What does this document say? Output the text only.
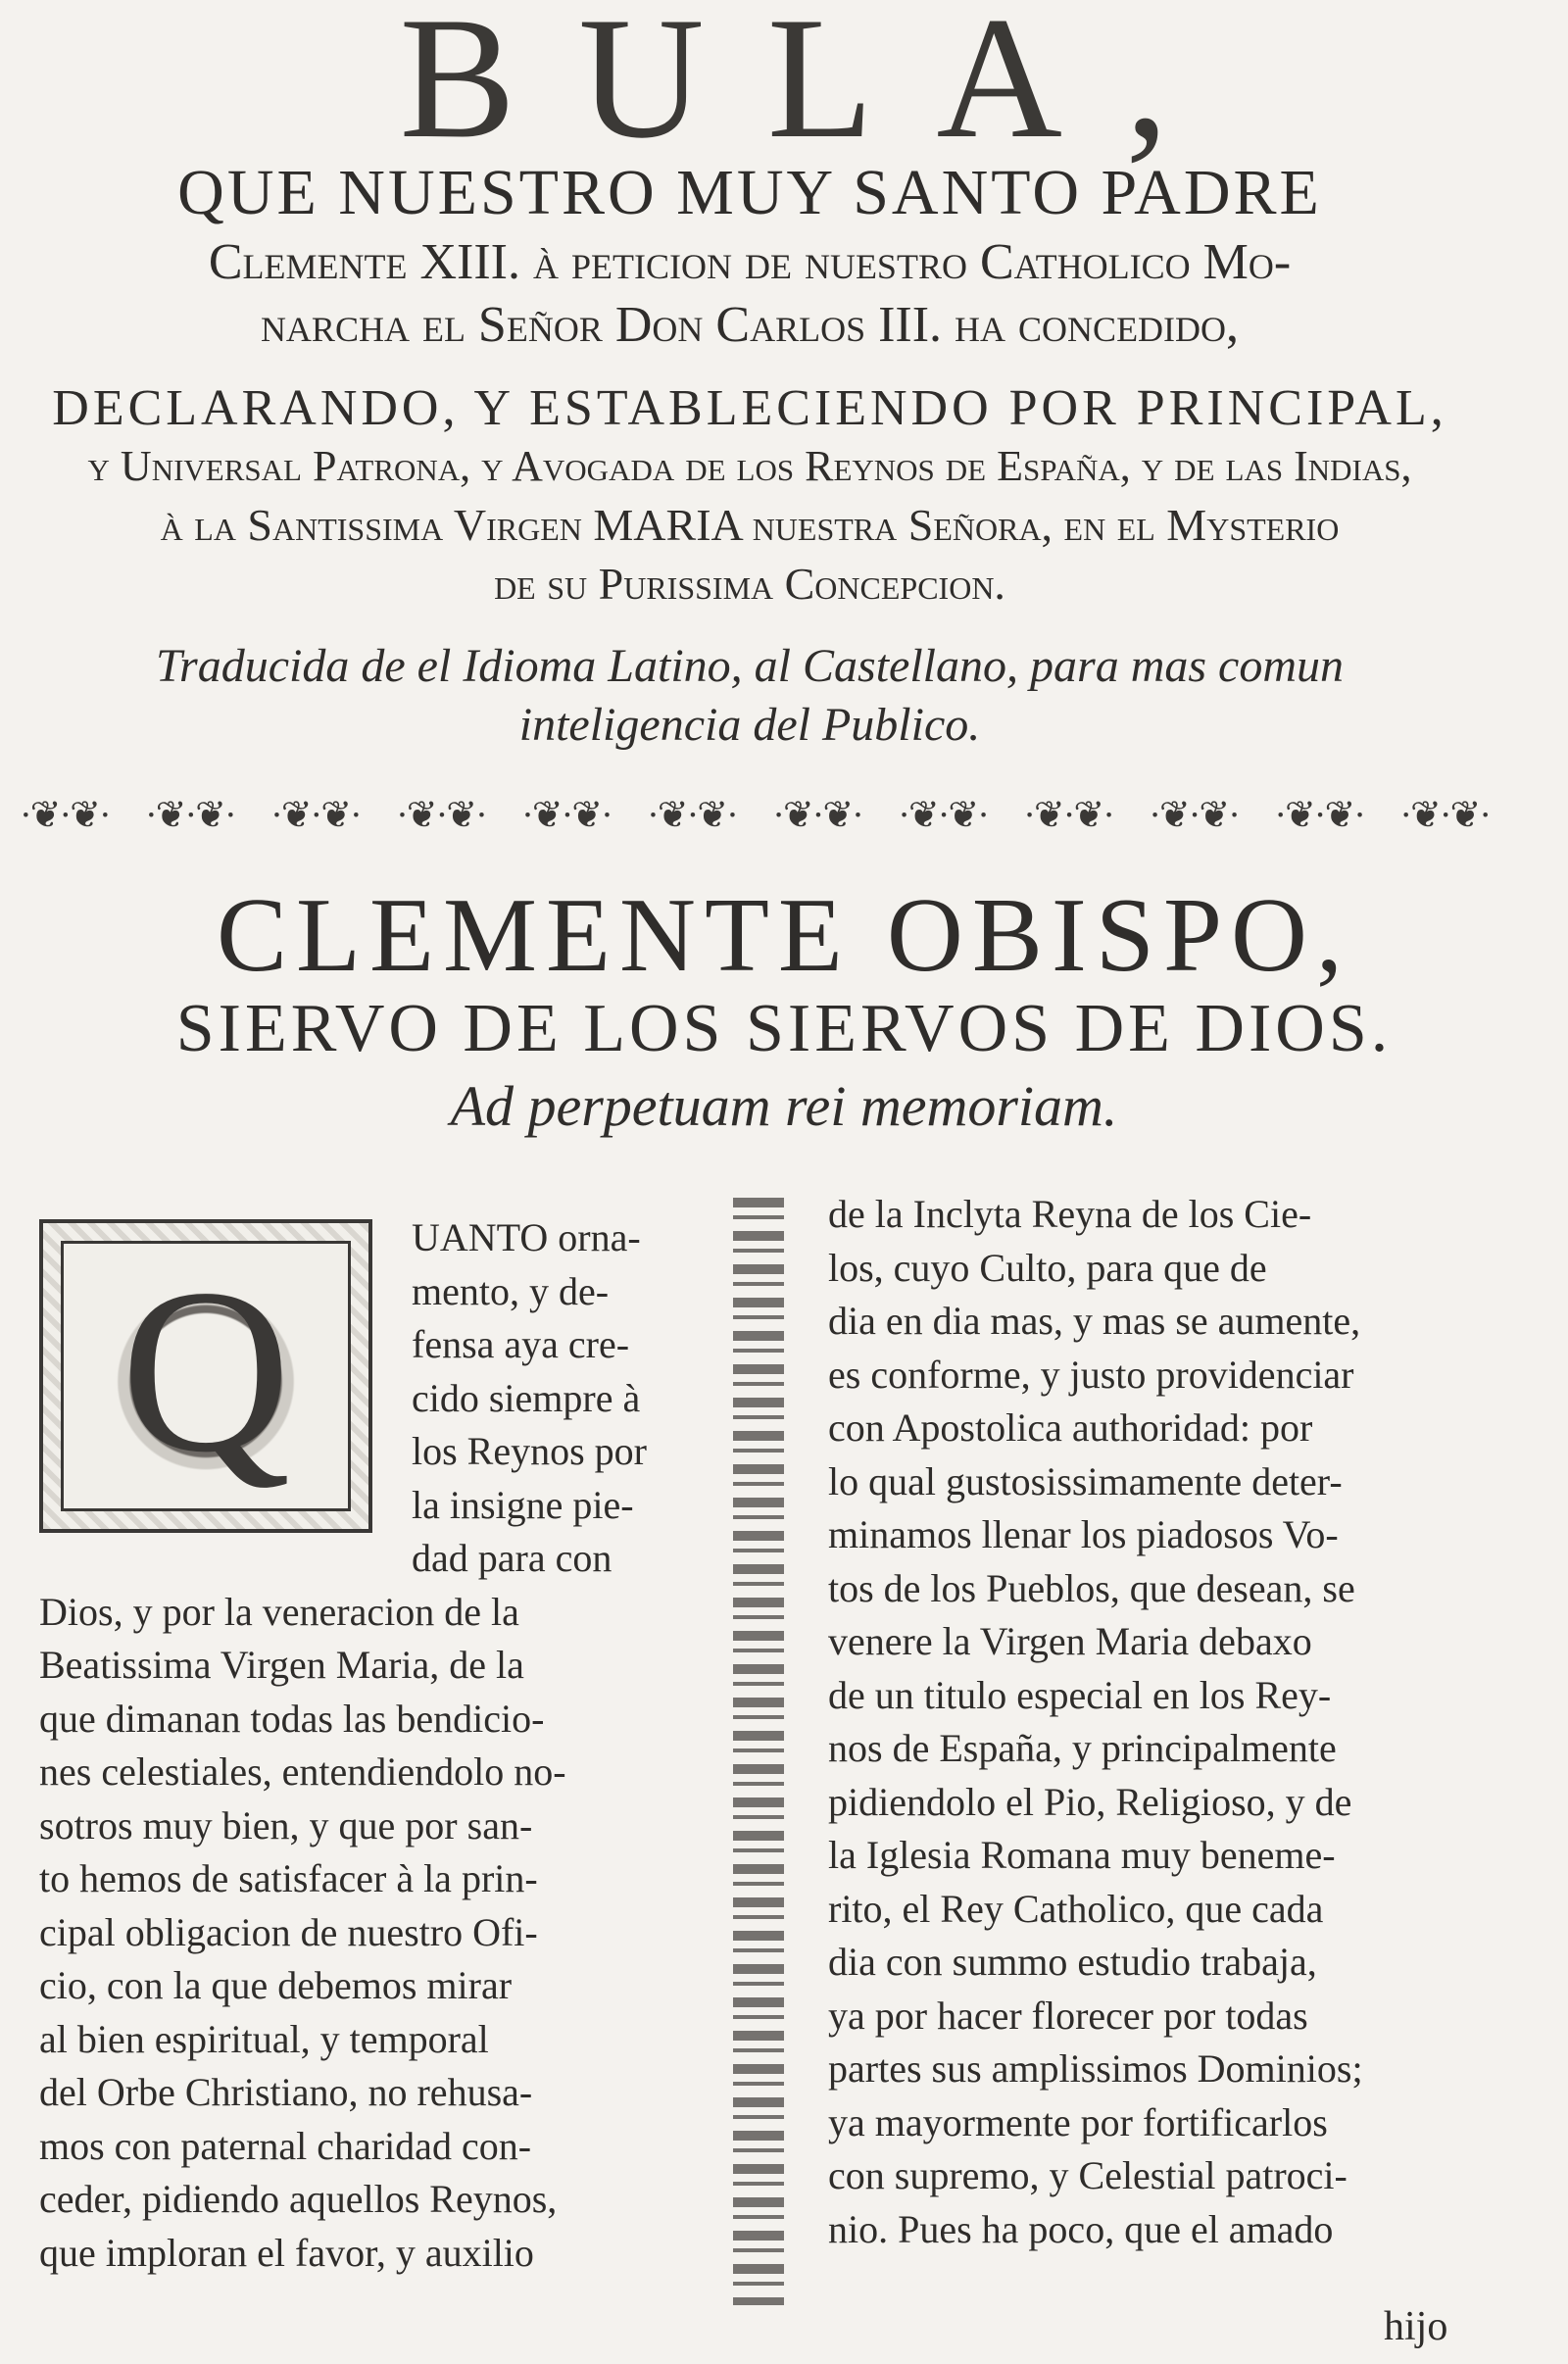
BULA,
QUE NUESTRO MUY SANTO PADRE
Clemente XIII. à peticion de nuestro Catholico Mo-
narcha el Señor Don Carlos III. ha concedido,
DECLARANDO, Y ESTABLECIENDO POR PRINCIPAL,
y Universal Patrona, y Avogada de los Reynos de España, y de las Indias,
à la Santissima Virgen MARIA nuestra Señora, en el Mysterio
de su Purissima Concepcion.
Traducida de el Idioma Latino, al Castellano, para mas comun
inteligencia del Publico.
·❦·❦· ·❦·❦· ·❦·❦· ·❦·❦· ·❦·❦· ·❦·❦· ·❦·❦· ·❦·❦· ·❦·❦· ·❦·❦· ·❦·❦· ·❦·❦·
CLEMENTE OBISPO,
SIERVO DE LOS SIERVOS DE DIOS.
Ad perpetuam rei memoriam.
Q
UANTO orna-
mento, y de-
fensa aya cre-
cido siempre à
los Reynos por
la insigne pie-
dad para con
Dios, y por la veneracion de la
Beatissima Virgen Maria, de la
que dimanan todas las bendicio-
nes celestiales, entendiendolo no-
sotros muy bien, y que por san-
to hemos de satisfacer à la prin-
cipal obligacion de nuestro Ofi-
cio, con la que debemos mirar
al bien espiritual, y temporal
del Orbe Christiano, no rehusa-
mos con paternal charidad con-
ceder, pidiendo aquellos Reynos,
que imploran el favor, y auxilio
de la Inclyta Reyna de los Cie-
los, cuyo Culto, para que de
dia en dia mas, y mas se aumente,
es conforme, y justo providenciar
con Apostolica authoridad: por
lo qual gustosissimamente deter-
minamos llenar los piadosos Vo-
tos de los Pueblos, que desean, se
venere la Virgen Maria debaxo
de un titulo especial en los Rey-
nos de España, y principalmente
pidiendolo el Pio, Religioso, y de
la Iglesia Romana muy beneme-
rito, el Rey Catholico, que cada
dia con summo estudio trabaja,
ya por hacer florecer por todas
partes sus amplissimos Dominios;
ya mayormente por fortificarlos
con supremo, y Celestial patroci-
nio. Pues ha poco, que el amado
hijo
